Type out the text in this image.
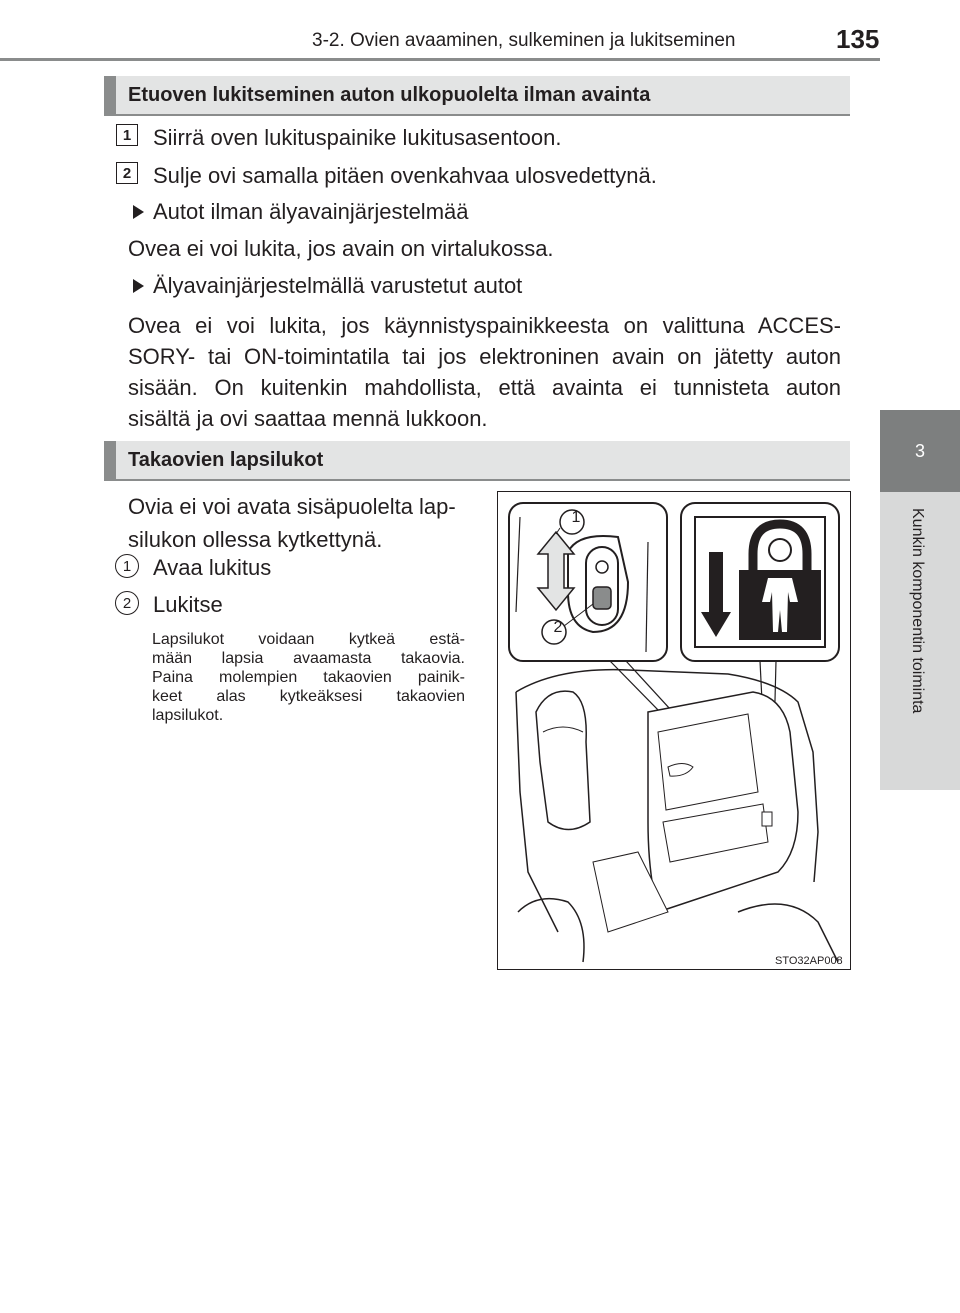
3-2. Ovien avaaminen, sulkeminen ja lukitseminen	135
3
Kunkin komponentin toiminta
Etuoven lukitseminen auton ulkopuolelta ilman avainta
1 Siirrä oven lukituspainike lukitusasentoon.
2 Sulje ovi samalla pitäen ovenkahvaa ulosvedettynä.
Autot ilman älyavainjärjestelmää
Ovea ei voi lukita, jos avain on virtalukossa.
Älyavainjärjestelmällä varustetut autot
Ovea ei voi lukita, jos käynnistyspainikkeesta on valittuna ACCES-
SORY- tai ON-toimintatila tai jos elektroninen avain on jätetty auton
sisään. On kuitenkin mahdollista, että avainta ei tunnisteta auton
sisältä ja ovi saattaa mennä lukkoon.
Takaovien lapsilukot
Ovia ei voi avata sisäpuolelta lap-
silukon ollessa kytkettynä.
1 Avaa lukitus
2 Lukitse
Lapsilukot voidaan kytkeä estä-
mään lapsia avaamasta takaovia.
Paina molempien takaovien painik-
keet alas kytkeäksesi takaovien
lapsilukot.
1
2
STO32AP008
